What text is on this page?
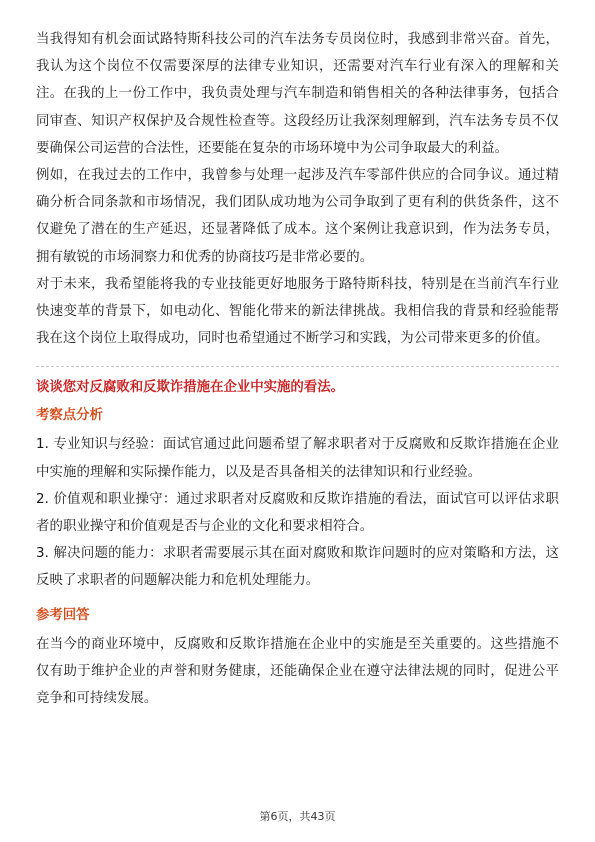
当我得知有机会面试路特斯科技公司的汽车法务专员岗位时，我感到非常兴奋。首先，我认为这个岗位不仅需要深厚的法律专业知识，还需要对汽车行业有深入的理解和关注。在我的上一份工作中，我负责处理与汽车制造和销售相关的各种法律事务，包括合同审查、知识产权保护及合规性检查等。这段经历让我深刻理解到，汽车法务专员不仅要确保公司运营的合法性，还要能在复杂的市场环境中为公司争取最大的利益。

例如，在我过去的工作中，我曾参与处理一起涉及汽车零部件供应的合同争议。通过精确分析合同条款和市场情况，我们团队成功地为公司争取到了更有利的供货条件，这不仅避免了潜在的生产延迟，还显著降低了成本。这个案例让我意识到，作为法务专员，拥有敏锐的市场洞察力和优秀的协商技巧是非常必要的。

对于未来，我希望能将我的专业技能更好地服务于路特斯科技，特别是在当前汽车行业快速变革的背景下，如电动化、智能化带来的新法律挑战。我相信我的背景和经验能帮我在这个岗位上取得成功，同时也希望通过不断学习和实践，为公司带来更多的价值。

谈谈您对反腐败和反欺诈措施在企业中实施的看法。

考察点分析

1. 专业知识与经验：面试官通过此问题希望了解求职者对于反腐败和反欺诈措施在企业中实施的理解和实际操作能力，以及是否具备相关的法律知识和行业经验。

2. 价值观和职业操守：通过求职者对反腐败和反欺诈措施的看法，面试官可以评估求职者的职业操守和价值观是否与企业的文化和要求相符合。

3. 解决问题的能力：求职者需要展示其在面对腐败和欺诈问题时的应对策略和方法，这反映了求职者的问题解决能力和危机处理能力。

参考回答

在当今的商业环境中，反腐败和反欺诈措施在企业中的实施是至关重要的。这些措施不仅有助于维护企业的声誉和财务健康，还能确保企业在遵守法律法规的同时，促进公平竞争和可持续发展。

第6页，共43页
